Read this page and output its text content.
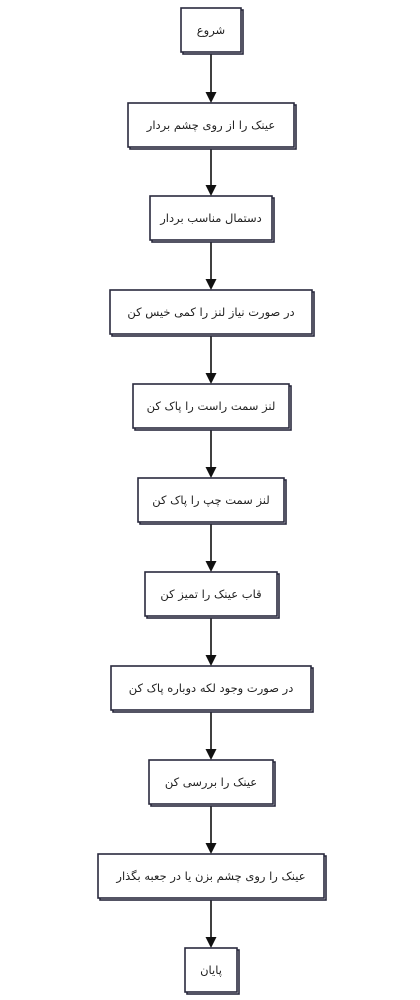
شروع
عینک را از روی چشم بردار
دستمال مناسب بردار
در صورت نیاز لنز را کمی خیس کن
لنز سمت راست را پاک کن
لنز سمت چپ را پاک کن
قاب عینک را تمیز کن
در صورت وجود لکه دوباره پاک کن
عینک را بررسی کن
عینک را روی چشم بزن یا در جعبه بگذار
پایان
